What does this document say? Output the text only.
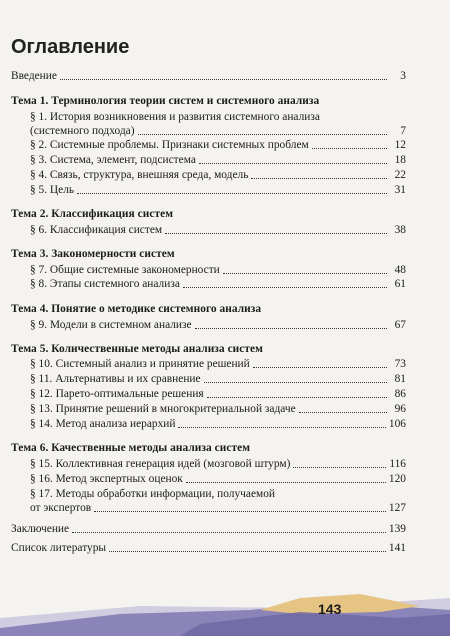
Оглавление
Введение	3
Тема 1. Терминология теории систем и системного анализа
§ 1. История возникновения и развития системного анализа
(системного подхода)	7
§ 2. Системные проблемы. Признаки системных проблем	12
§ 3. Система, элемент, подсистема	18
§ 4. Связь, структура, внешняя среда, модель	22
§ 5. Цель	31
Тема 2. Классификация систем
§ 6. Классификация систем	38
Тема 3. Закономерности систем
§ 7. Общие системные закономерности	48
§ 8. Этапы системного анализа	61
Тема 4. Понятие о методике системного анализа
§ 9. Модели в системном анализе	67
Тема 5. Количественные методы анализа систем
§ 10. Системный анализ и принятие решений	73
§ 11. Альтернативы и их сравнение	81
§ 12. Парето-оптимальные решения	86
§ 13. Принятие решений в многокритериальной задаче	96
§ 14. Метод анализа иерархий	106
Тема 6. Качественные методы анализа систем
§ 15. Коллективная генерация идей (мозговой штурм)	116
§ 16. Метод экспертных оценок	120
§ 17. Методы обработки информации, получаемой
от экспертов	127
Заключение	139
Список литературы	141
143
